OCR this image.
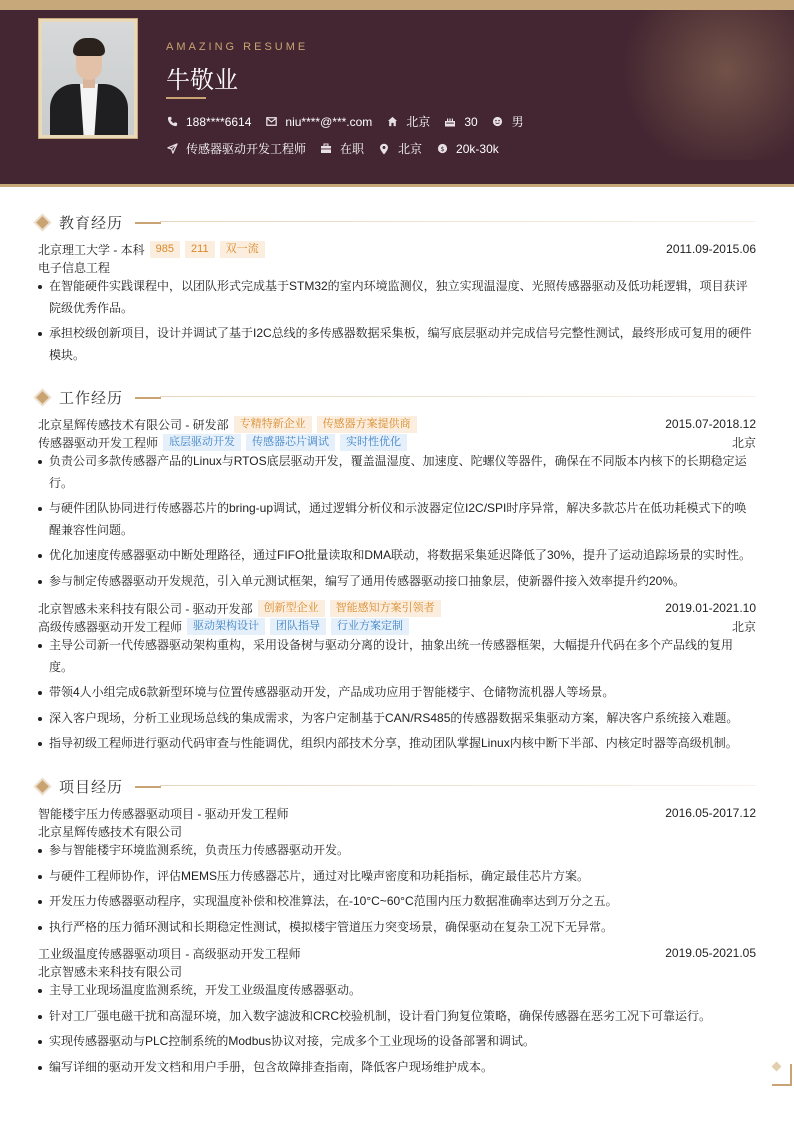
AMAZING RESUME
牛敬业
188****6614	niu****@***.com	北京	30	男
传感器驱动开发工程师	在职	北京	$ 20k-30k
教育经历
北京理工大学 - 本科	985	211	双一流	2011.09-2015.06
电子信息工程
在智能硬件实践课程中，以团队形式完成基于STM32的室内环境监测仪，独立实现温湿度、光照传感器驱动及低功耗逻辑，项目获评院级优秀作品。
承担校级创新项目，设计并调试了基于I2C总线的多传感器数据采集板，编写底层驱动并完成信号完整性测试，最终形成可复用的硬件模块。
工作经历
北京星辉传感技术有限公司 - 研发部	专精特新企业	传感器方案提供商	2015.07-2018.12
传感器驱动开发工程师	底层驱动开发	传感器芯片调试	实时性优化	北京
负责公司多款传感器产品的Linux与RTOS底层驱动开发，覆盖温湿度、加速度、陀螺仪等器件，确保在不同版本内核下的长期稳定运行。
与硬件团队协同进行传感器芯片的bring-up调试，通过逻辑分析仪和示波器定位I2C/SPI时序异常，解决多款芯片在低功耗模式下的唤醒兼容性问题。
优化加速度传感器驱动中断处理路径，通过FIFO批量读取和DMA联动，将数据采集延迟降低了30%，提升了运动追踪场景的实时性。
参与制定传感器驱动开发规范，引入单元测试框架，编写了通用传感器驱动接口抽象层，使新器件接入效率提升约20%。
北京智感未来科技有限公司 - 驱动开发部	创新型企业	智能感知方案引领者	2019.01-2021.10
高级传感器驱动开发工程师	驱动架构设计	团队指导	行业方案定制	北京
主导公司新一代传感器驱动架构重构，采用设备树与驱动分离的设计，抽象出统一传感器框架，大幅提升代码在多个产品线的复用度。
带领4人小组完成6款新型环境与位置传感器驱动开发，产品成功应用于智能楼宇、仓储物流机器人等场景。
深入客户现场，分析工业现场总线的集成需求，为客户定制基于CAN/RS485的传感器数据采集驱动方案，解决客户系统接入难题。
指导初级工程师进行驱动代码审查与性能调优，组织内部技术分享，推动团队掌握Linux内核中断下半部、内核定时器等高级机制。
项目经历
智能楼宇压力传感器驱动项目 - 驱动开发工程师	2016.05-2017.12
北京星辉传感技术有限公司
参与智能楼宇环境监测系统，负责压力传感器驱动开发。
与硬件工程师协作，评估MEMS压力传感器芯片，通过对比噪声密度和功耗指标，确定最佳芯片方案。
开发压力传感器驱动程序，实现温度补偿和校准算法，在-10°C~60°C范围内压力数据准确率达到万分之五。
执行严格的压力循环测试和长期稳定性测试，模拟楼宇管道压力突变场景，确保驱动在复杂工况下无异常。
工业级温度传感器驱动项目 - 高级驱动开发工程师	2019.05-2021.05
北京智感未来科技有限公司
主导工业现场温度监测系统，开发工业级温度传感器驱动。
针对工厂强电磁干扰和高湿环境，加入数字滤波和CRC校验机制，设计看门狗复位策略，确保传感器在恶劣工况下可靠运行。
实现传感器驱动与PLC控制系统的Modbus协议对接，完成多个工业现场的设备部署和调试。
编写详细的驱动开发文档和用户手册，包含故障排查指南，降低客户现场维护成本。
